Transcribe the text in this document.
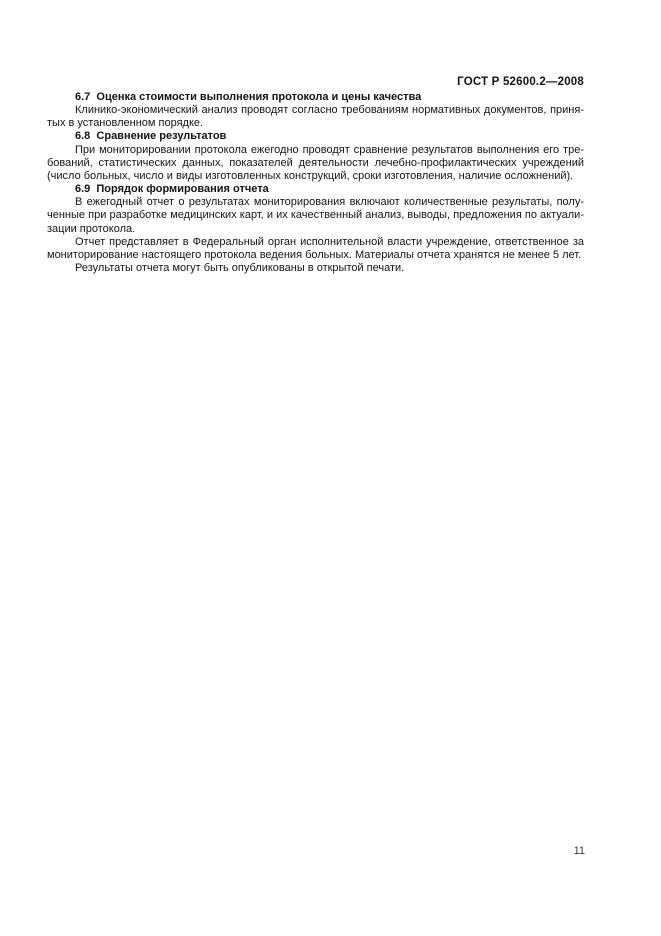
ГОСТ Р 52600.2—2008

6.7  Оценка стоимости выполнения протокола и цены качества
Клинико-экономический анализ проводят согласно требованиям нормативных документов, приня-
тых в установленном порядке.
6.8  Сравнение результатов
При мониторировании протокола ежегодно проводят сравнение результатов выполнения его тре-
бований, статистических данных, показателей деятельности лечебно-профилактических учреждений
(число больных, число и виды изготовленных конструкций, сроки изготовления, наличие осложнений).
6.9  Порядок формирования отчета
В ежегодный отчет о результатах мониторирования включают количественные результаты, полу-
ченные при разработке медицинских карт, и их качественный анализ, выводы, предложения по актуали-
зации протокола.
Отчет представляет в Федеральный орган исполнительной власти учреждение, ответственное за
мониторирование настоящего протокола ведения больных. Материалы отчета хранятся не менее 5 лет.
Результаты отчета могут быть опубликованы в открытой печати.
11
